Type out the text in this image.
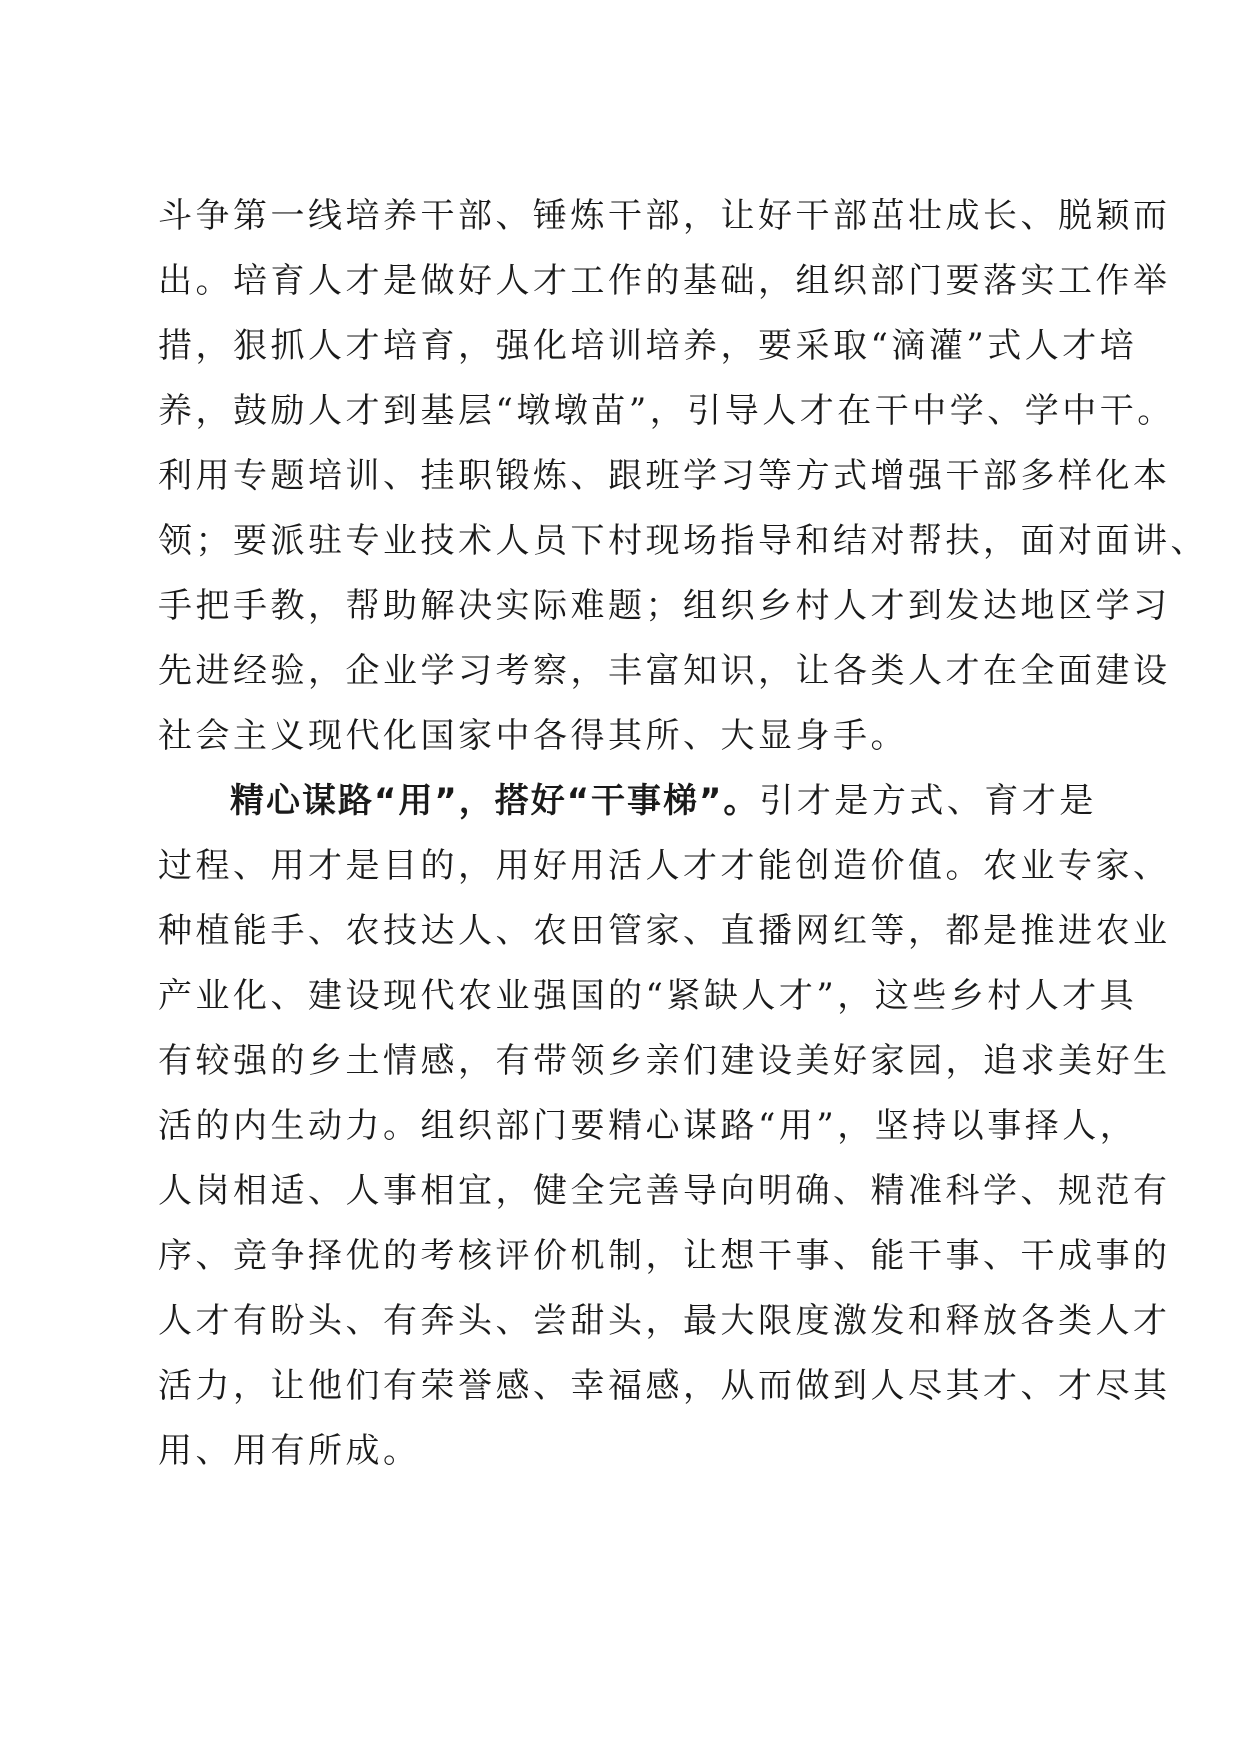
斗争第一线培养干部、锤炼干部，让好干部茁壮成长、脱颖而
出。培育人才是做好人才工作的基础，组织部门要落实工作举
措，狠抓人才培育，强化培训培养，要采取“滴灌”式人才培
养，鼓励人才到基层“墩墩苗”，引导人才在干中学、学中干。
利用专题培训、挂职锻炼、跟班学习等方式增强干部多样化本
领；要派驻专业技术人员下村现场指导和结对帮扶，面对面讲、
手把手教，帮助解决实际难题；组织乡村人才到发达地区学习
先进经验，企业学习考察，丰富知识，让各类人才在全面建设
社会主义现代化国家中各得其所、大显身手。
精心谋路“用”，搭好“干事梯”。引才是方式、育才是
过程、用才是目的，用好用活人才才能创造价值。农业专家、
种植能手、农技达人、农田管家、直播网红等，都是推进农业
产业化、建设现代农业强国的“紧缺人才”，这些乡村人才具
有较强的乡土情感，有带领乡亲们建设美好家园，追求美好生
活的内生动力。组织部门要精心谋路“用”，坚持以事择人，
人岗相适、人事相宜，健全完善导向明确、精准科学、规范有
序、竞争择优的考核评价机制，让想干事、能干事、干成事的
人才有盼头、有奔头、尝甜头，最大限度激发和释放各类人才
活力，让他们有荣誉感、幸福感，从而做到人尽其才、才尽其
用、用有所成。
